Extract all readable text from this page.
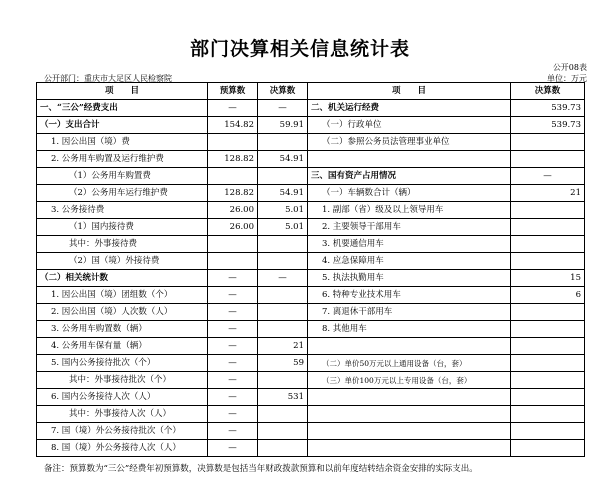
部门决算相关信息统计表
公开08表
公开部门：重庆市大足区人民检察院	单位：万元
项　　目	预算数	决算数	项　　目	决算数
一、“三公”经费支出	—	—	二、机关运行经费	539.73
（一）支出合计	154.82	59.91	（一）行政单位	539.73
1. 因公出国（境）费			（二）参照公务员法管理事业单位	
2. 公务用车购置及运行维护费	128.82	54.91		
（1）公务用车购置费			三、国有资产占用情况	—
（2）公务用车运行维护费	128.82	54.91	（一）车辆数合计（辆）	21
3. 公务接待费	26.00	5.01	1. 副部（省）级及以上领导用车	
（1）国内接待费	26.00	5.01	2. 主要领导干部用车	
其中：外事接待费			3. 机要通信用车	
（2）国（境）外接待费			4. 应急保障用车	
（二）相关统计数	—	—	5. 执法执勤用车	15
1. 因公出国（境）团组数（个）	—		6. 特种专业技术用车	6
2. 因公出国（境）人次数（人）	—		7. 离退休干部用车	
3. 公务用车购置数（辆）	—		8. 其他用车	
4. 公务用车保有量（辆）	—	21		
5. 国内公务接待批次（个）	—	59	（二）单价50万元以上通用设备（台，套）	
其中：外事接待批次（个）	—		（三）单价100万元以上专用设备（台，套）	
6. 国内公务接待人次（人）	—	531		
其中：外事接待人次（人）	—			
7. 国（境）外公务接待批次（个）	—			
8. 国（境）外公务接待人次（人）	—			
备注：预算数为“三公”经费年初预算数，决算数是包括当年财政拨款预算和以前年度结转结余资金安排的实际支出。
